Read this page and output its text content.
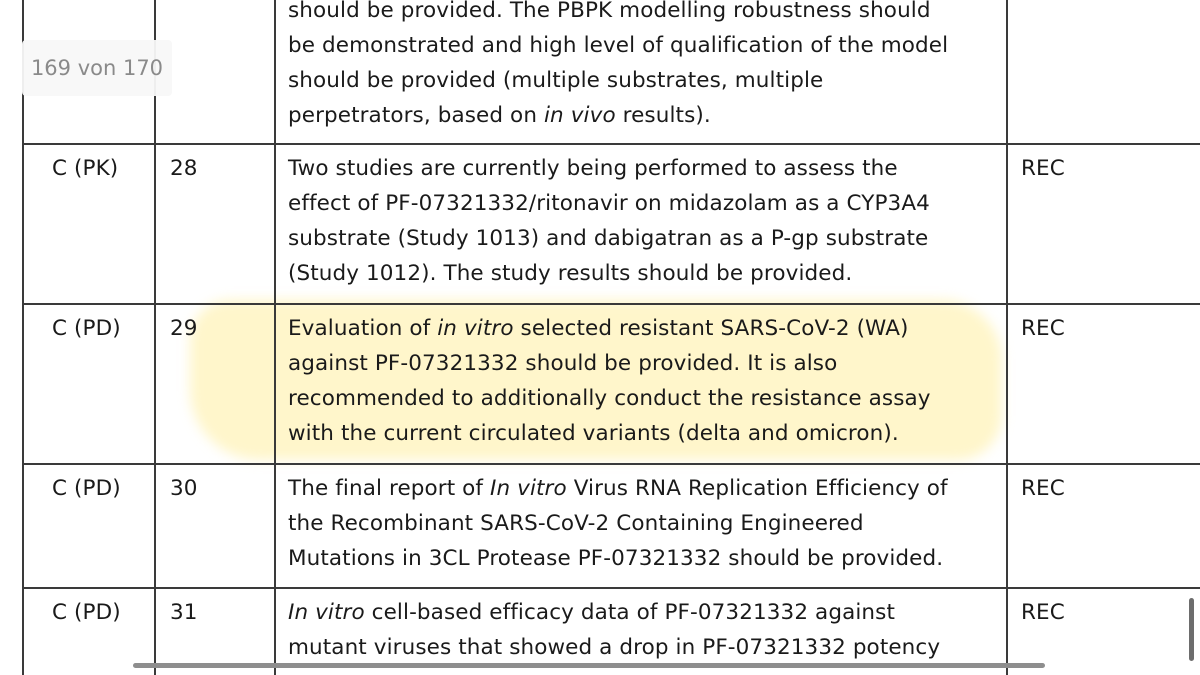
should be provided. The PBPK modelling robustness should
be demonstrated and high level of qualification of the model
should be provided (multiple substrates, multiple
perpetrators, based on in vivo results).
C (PK) 28	Two studies are currently being performed to assess the
effect of PF-07321332/ritonavir on midazolam as a CYP3A4
substrate (Study 1013) and dabigatran as a P-gp substrate
(Study 1012). The study results should be provided.
REC
C (PD) 29	Evaluation of in vitro selected resistant SARS-CoV-2 (WA)
against PF-07321332 should be provided. It is also
recommended to additionally conduct the resistance assay
with the current circulated variants (delta and omicron).
REC
C (PD) 30	The final report of In vitro Virus RNA Replication Efficiency of
the Recombinant SARS-CoV-2 Containing Engineered
Mutations in 3CL Protease PF-07321332 should be provided.
REC
C (PD) 31	In vitro cell-based efficacy data of PF-07321332 against
mutant viruses that showed a drop in PF-07321332 potency
REC
169 von 170
